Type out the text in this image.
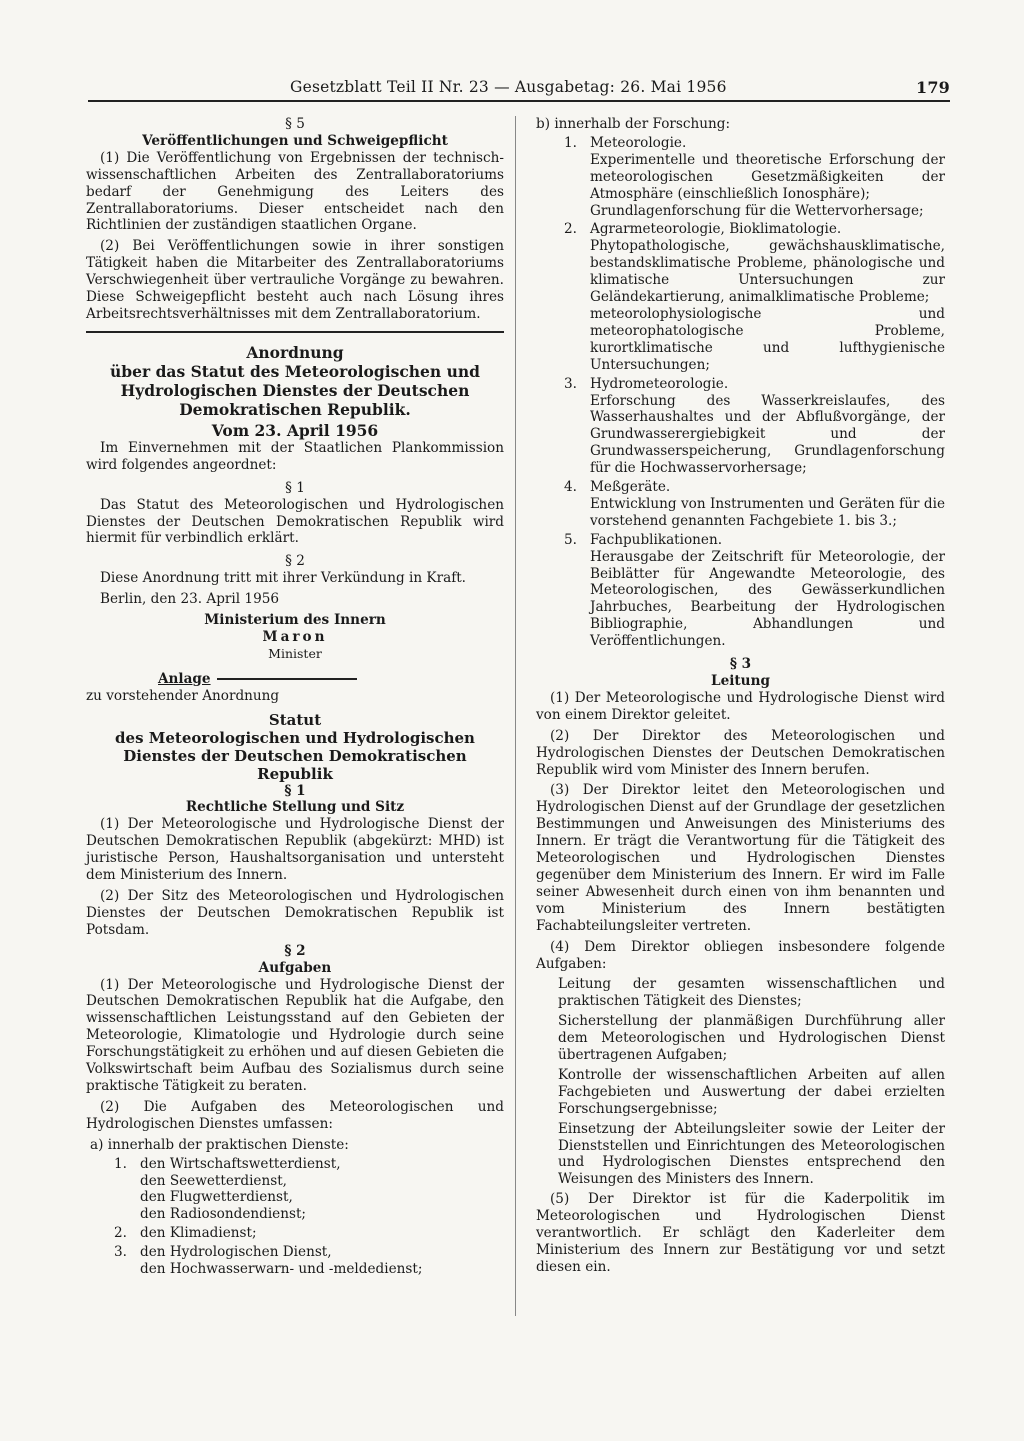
Gesetzblatt Teil II Nr. 23 — Ausgabetag: 26. Mai 1956	179

§ 5

Veröffentlichungen und Schweigepflicht

(1) Die Veröffentlichung von Ergebnissen der technisch-wissenschaftlichen Arbeiten des Zentrallaboratoriums bedarf der Genehmigung des Leiters des Zentrallaboratoriums. Dieser entscheidet nach den Richtlinien der zuständigen staatlichen Organe.

(2) Bei Veröffentlichungen sowie in ihrer sonstigen Tätigkeit haben die Mitarbeiter des Zentrallaboratoriums Verschwiegenheit über vertrauliche Vorgänge zu bewahren. Diese Schweigepflicht besteht auch nach Lösung ihres Arbeitsrechtsverhältnisses mit dem Zentrallaboratorium.

Anordnung

über das Statut des Meteorologischen und Hydrologischen Dienstes der Deutschen Demokratischen Republik.

Vom 23. April 1956

Im Einvernehmen mit der Staatlichen Plankommission wird folgendes angeordnet:

§ 1

Das Statut des Meteorologischen und Hydrologischen Dienstes der Deutschen Demokratischen Republik wird hiermit für verbindlich erklärt.

§ 2

Diese Anordnung tritt mit ihrer Verkündung in Kraft.

Berlin, den 23. April 1956

Ministerium des Innern

Maron

Minister

Anlage

zu vorstehender Anordnung

Statut

des Meteorologischen und Hydrologischen Dienstes der Deutschen Demokratischen Republik

§ 1

Rechtliche Stellung und Sitz

(1) Der Meteorologische und Hydrologische Dienst der Deutschen Demokratischen Republik (abgekürzt: MHD) ist juristische Person, Haushaltsorganisation und untersteht dem Ministerium des Innern.

(2) Der Sitz des Meteorologischen und Hydrologischen Dienstes der Deutschen Demokratischen Republik ist Potsdam.

§ 2

Aufgaben

(1) Der Meteorologische und Hydrologische Dienst der Deutschen Demokratischen Republik hat die Aufgabe, den wissenschaftlichen Leistungsstand auf den Gebieten der Meteorologie, Klimatologie und Hydrologie durch seine Forschungstätigkeit zu erhöhen und auf diesen Gebieten die Volkswirtschaft beim Aufbau des Sozialismus durch seine praktische Tätigkeit zu beraten.

(2) Die Aufgaben des Meteorologischen und Hydrologischen Dienstes umfassen:

a) innerhalb der praktischen Dienste:

1. den Wirtschaftswetterdienst,
den Seewetterdienst,
den Flugwetterdienst,
den Radiosondendienst;
2. den Klimadienst;
3. den Hydrologischen Dienst,
den Hochwasserwarn- und -meldedienst;

b) innerhalb der Forschung:

1. Meteorologie.

Experimentelle und theoretische Erforschung der meteorologischen Gesetzmäßigkeiten der Atmosphäre (einschließlich Ionosphäre);

Grundlagenforschung für die Wettervorhersage;

2. Agrarmeteorologie, Bioklimatologie.

Phytopathologische, gewächshausklimatische, bestandsklimatische Probleme, phänologische und klimatische Untersuchungen zur Geländekartierung, animalklimatische Probleme;

meteorolophysiologische und meteorophatologische Probleme, kurortklimatische und lufthygienische Untersuchungen;

3. Hydrometeorologie.

Erforschung des Wasserkreislaufes, des Wasserhaushaltes und der Abflußvorgänge, der Grundwasserergiebigkeit und der Grundwasserspeicherung, Grundlagenforschung für die Hochwasservorhersage;

4. Meßgeräte.

Entwicklung von Instrumenten und Geräten für die vorstehend genannten Fachgebiete 1. bis 3.;

5. Fachpublikationen.

Herausgabe der Zeitschrift für Meteorologie, der Beiblätter für Angewandte Meteorologie, des Meteorologischen, des Gewässerkundlichen Jahrbuches, Bearbeitung der Hydrologischen Bibliographie, Abhandlungen und Veröffentlichungen.

§ 3

Leitung

(1) Der Meteorologische und Hydrologische Dienst wird von einem Direktor geleitet.

(2) Der Direktor des Meteorologischen und Hydrologischen Dienstes der Deutschen Demokratischen Republik wird vom Minister des Innern berufen.

(3) Der Direktor leitet den Meteorologischen und Hydrologischen Dienst auf der Grundlage der gesetzlichen Bestimmungen und Anweisungen des Ministeriums des Innern. Er trägt die Verantwortung für die Tätigkeit des Meteorologischen und Hydrologischen Dienstes gegenüber dem Ministerium des Innern. Er wird im Falle seiner Abwesenheit durch einen von ihm benannten und vom Ministerium des Innern bestätigten Fachabteilungsleiter vertreten.

(4) Dem Direktor obliegen insbesondere folgende Aufgaben:

Leitung der gesamten wissenschaftlichen und praktischen Tätigkeit des Dienstes;

Sicherstellung der planmäßigen Durchführung aller dem Meteorologischen und Hydrologischen Dienst übertragenen Aufgaben;

Kontrolle der wissenschaftlichen Arbeiten auf allen Fachgebieten und Auswertung der dabei erzielten Forschungsergebnisse;

Einsetzung der Abteilungsleiter sowie der Leiter der Dienststellen und Einrichtungen des Meteorologischen und Hydrologischen Dienstes entsprechend den Weisungen des Ministers des Innern.

(5) Der Direktor ist für die Kaderpolitik im Meteorologischen und Hydrologischen Dienst verantwortlich. Er schlägt den Kaderleiter dem Ministerium des Innern zur Bestätigung vor und setzt diesen ein.
